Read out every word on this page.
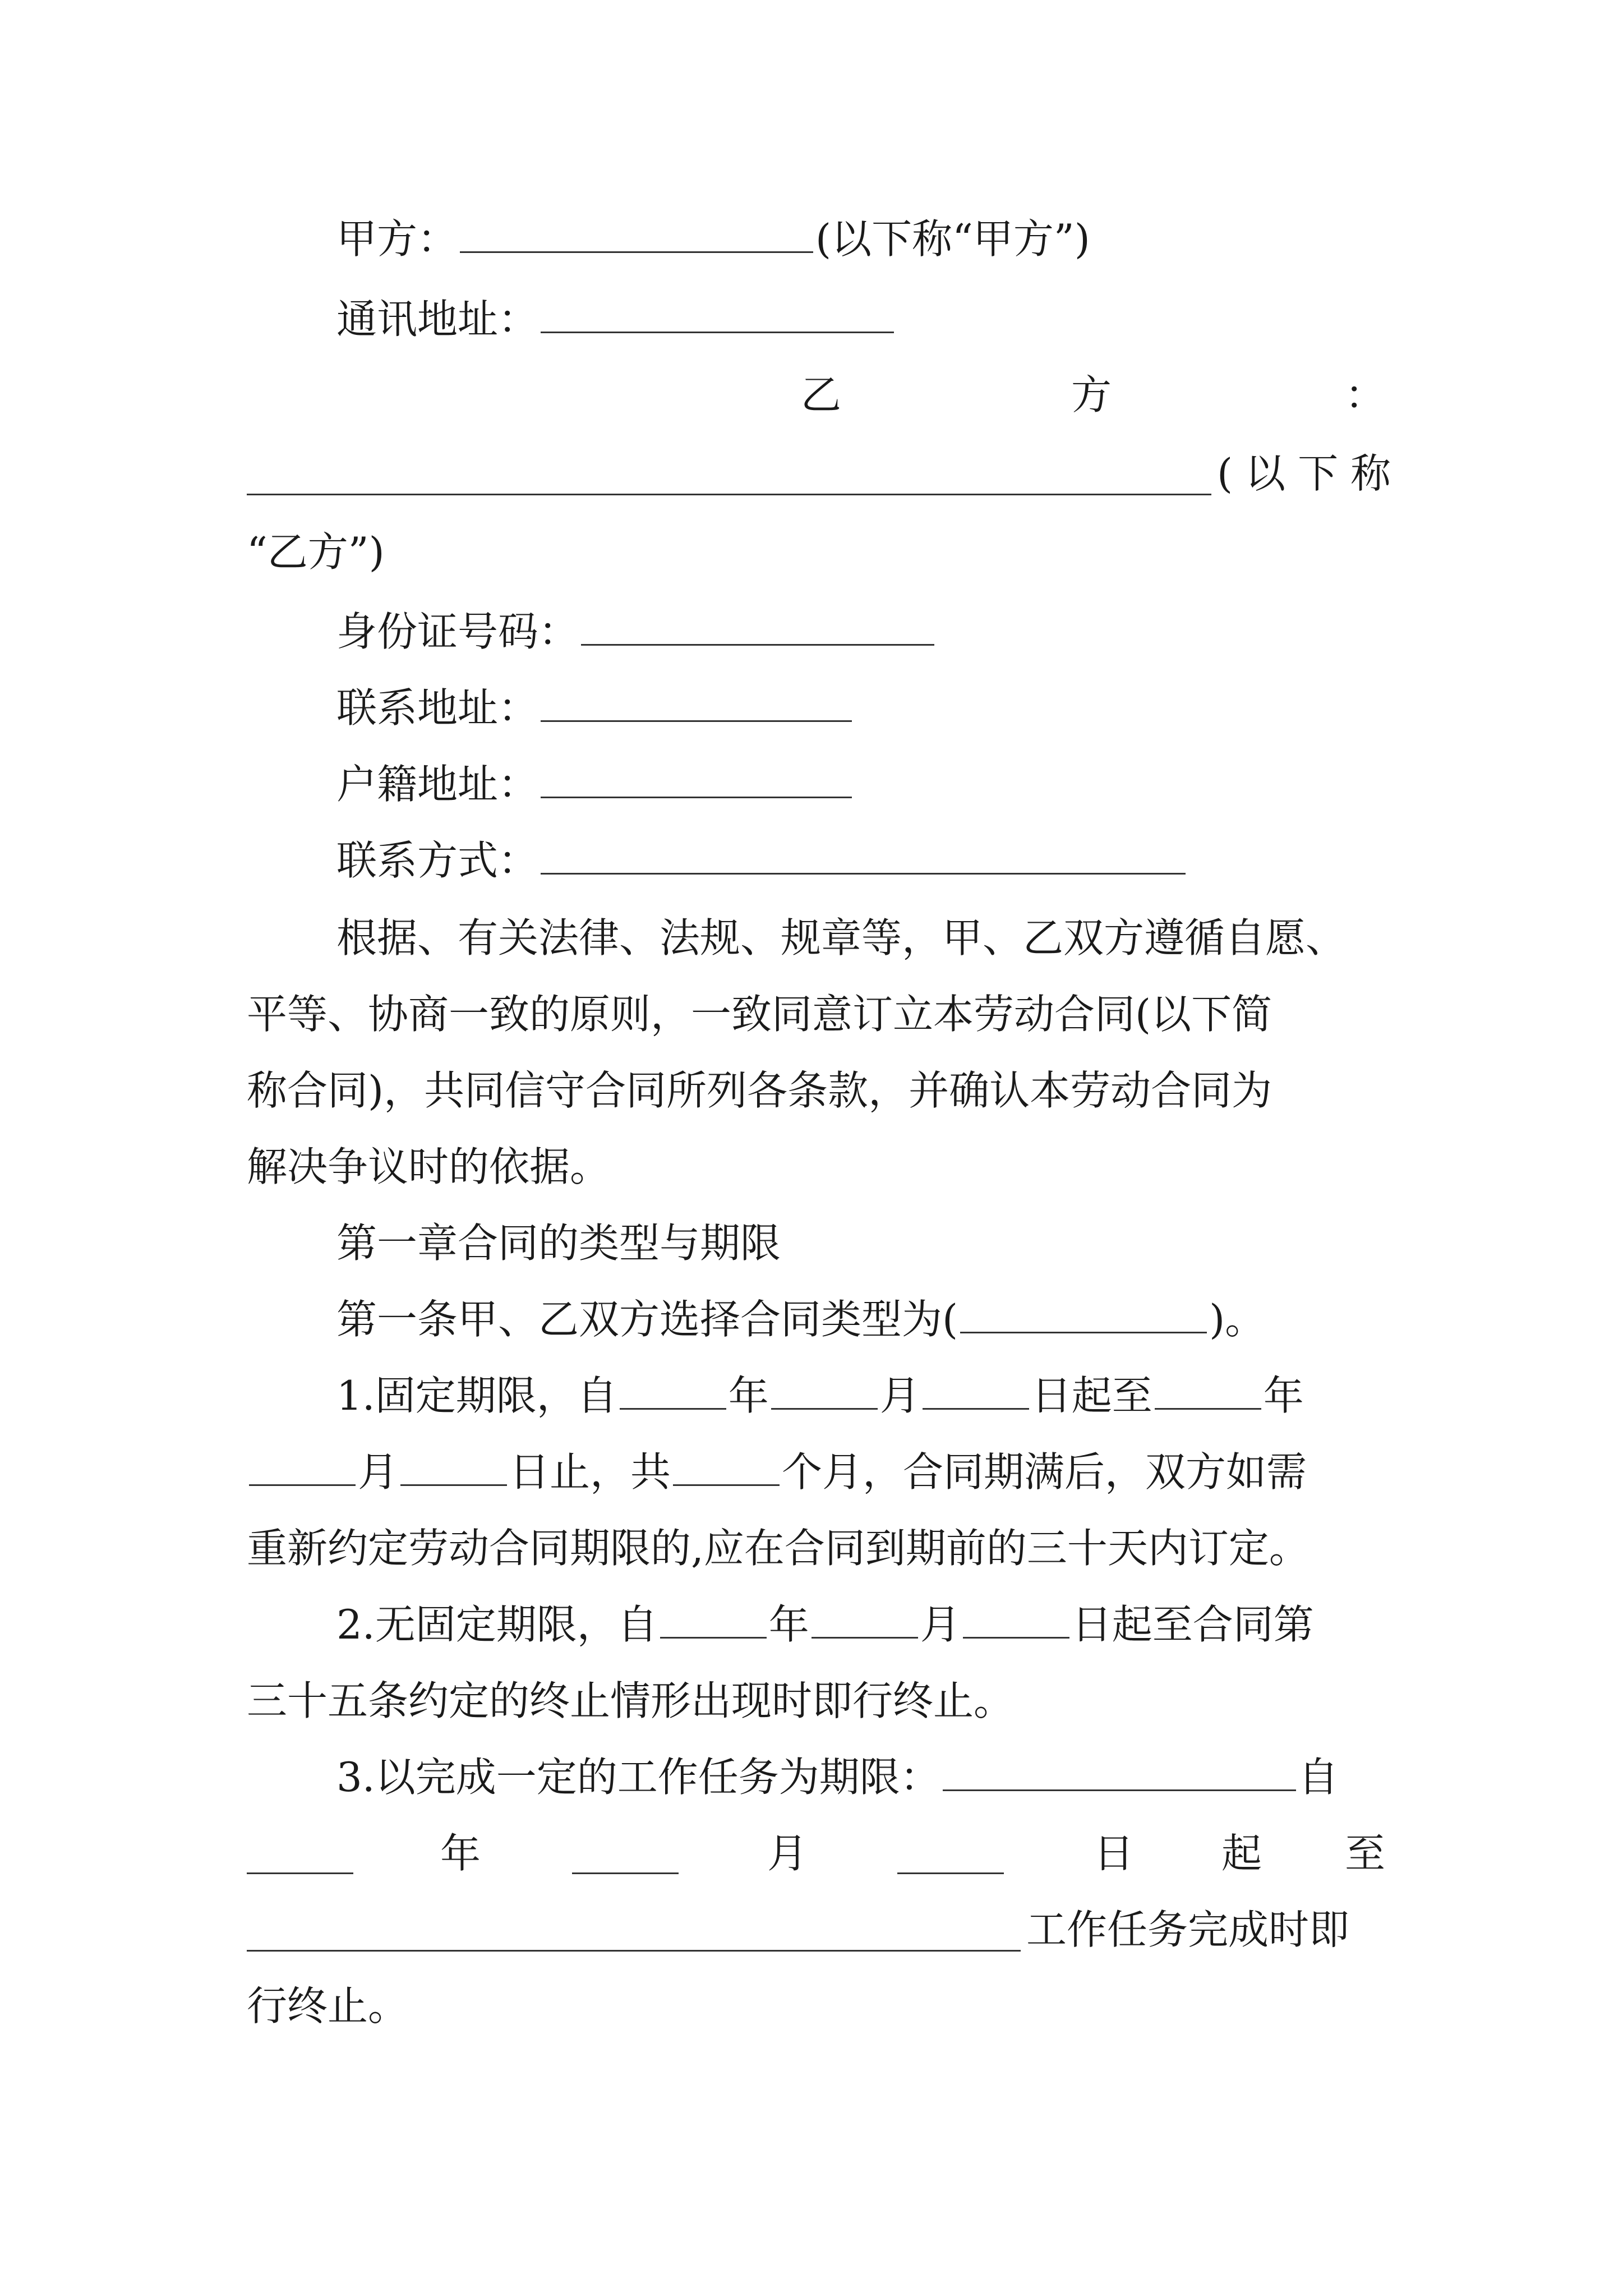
甲方：	(以下称“甲方”)
通讯地址：
乙	方	：
(以下称
“乙方”)
身份证号码：
联系地址：
户籍地址：
联系方式：
根据、有关法律、法规、规章等，甲、乙双方遵循自愿、
平等、协商一致的原则，一致同意订立本劳动合同(以下简
称合同)，共同信守合同所列各条款，并确认本劳动合同为
解决争议时的依据。
第一章合同的类型与期限
第一条甲、乙双方选择合同类型为(	)。
1.固定期限，自	年	月	日起至	年
月	日止，共	个月，合同期满后，双方如需
重新约定劳动合同期限的,应在合同到期前的三十天内订定。
2.无固定期限，自	年	月	日起至合同第
三十五条约定的终止情形出现时即行终止。
3.以完成一定的工作任务为期限：	自
年	月	日 起 至
工作任务完成时即
行终止。
